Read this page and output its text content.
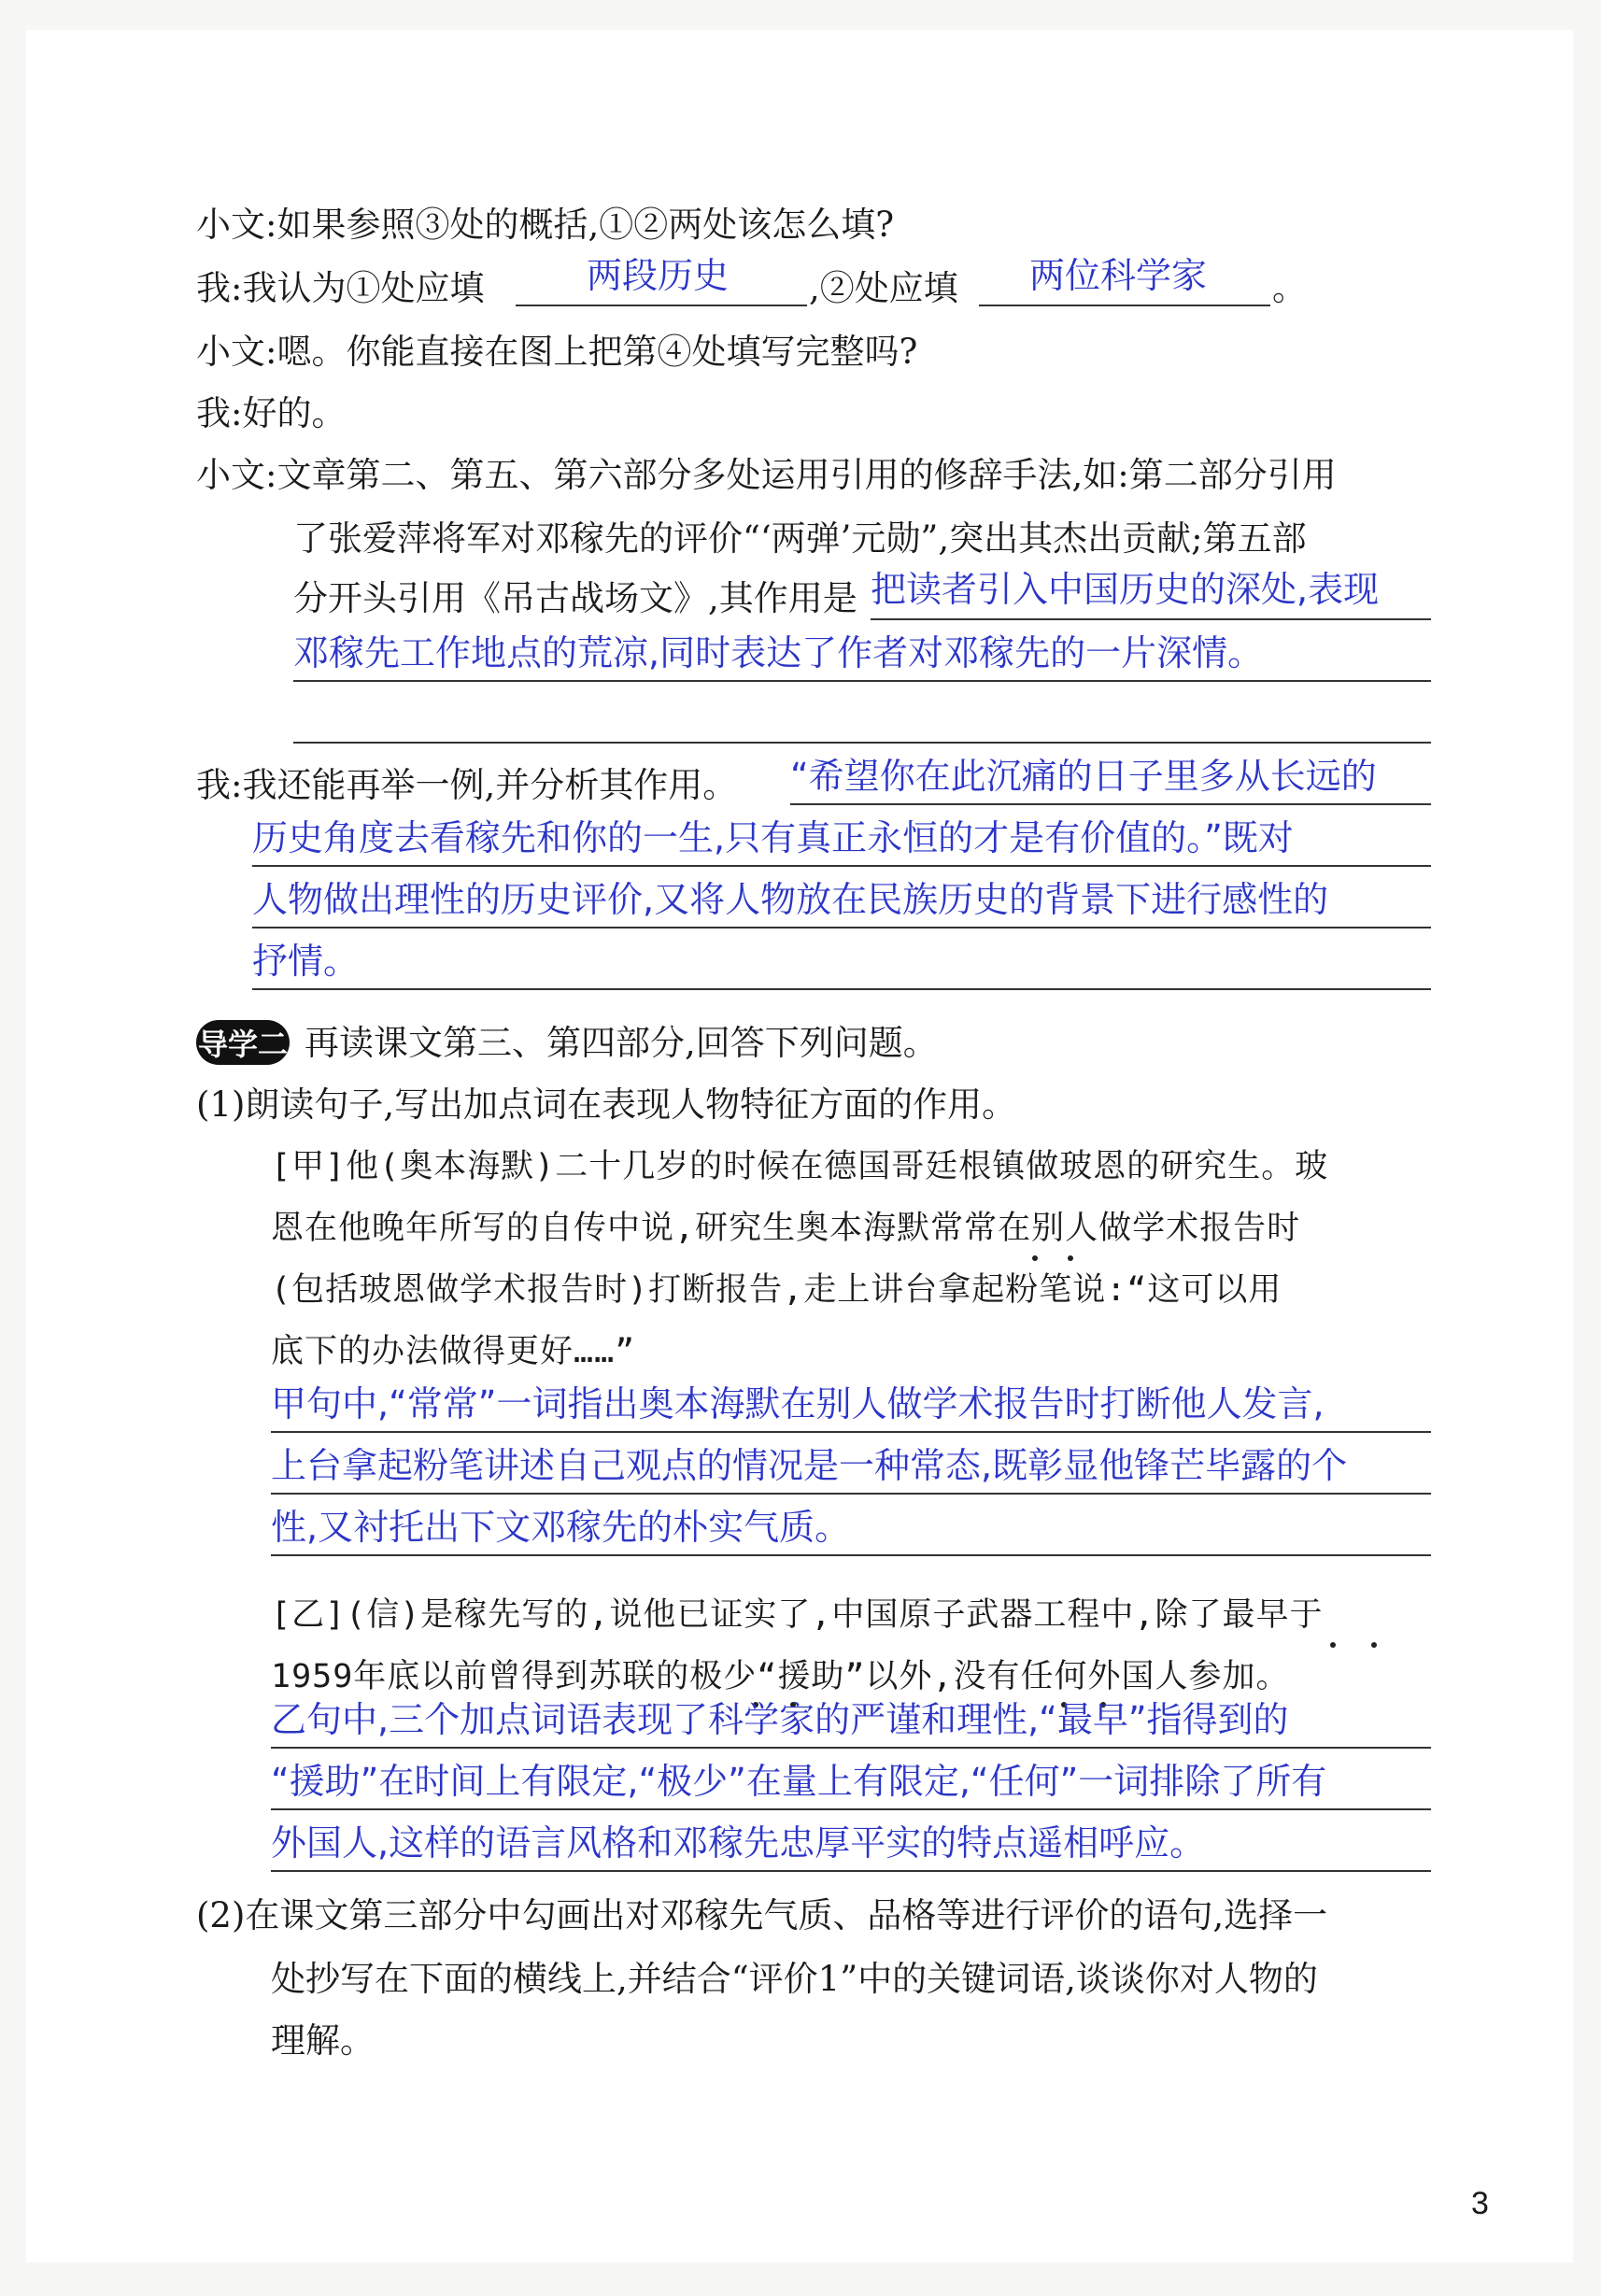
小文:如果参照③处的概括,①②两处该怎么填?
我:我认为①处应填	两段历史 ,②处应填 两位科学家 。
小文:嗯。你能直接在图上把第④处填写完整吗?
我:好的。
小文:文章第二、第五、第六部分多处运用引用的修辞手法,如:第二部分引用
了张爱萍将军对邓稼先的评价“‘两弹’元勋”,突出其杰出贡献;第五部
分开头引用《吊古战场文》,其作用是 把读者引入中国历史的深处,表现
邓稼先工作地点的荒凉,同时表达了作者对邓稼先的一片深情。
我:我还能再举一例,并分析其作用。 “希望你在此沉痛的日子里多从长远的
历史角度去看稼先和你的一生,只有真正永恒的才是有价值的。”既对
人物做出理性的历史评价,又将人物放在民族历史的背景下进行感性的
抒情。
导学二 再读课文第三、第四部分,回答下列问题。
(1)朗读句子,写出加点词在表现人物特征方面的作用。
[甲]他(奥本海默)二十几岁的时候在德国哥廷根镇做玻恩的研究生。玻
恩在他晚年所写的自传中说,研究生奥本海默常常在别人做学术报告时
(包括玻恩做学术报告时)打断报告,走上讲台拿起粉笔说:“这可以用
底下的办法做得更好……”
甲句中,“常常”一词指出奥本海默在别人做学术报告时打断他人发言,
上台拿起粉笔讲述自己观点的情况是一种常态,既彰显他锋芒毕露的个
性,又衬托出下文邓稼先的朴实气质。
[乙](信)是稼先写的,说他已证实了,中国原子武器工程中,除了最早于
1959年底以前曾得到苏联的极少“援助”以外,没有任何外国人参加。
乙句中,三个加点词语表现了科学家的严谨和理性,“最早”指得到的
“援助”在时间上有限定,“极少”在量上有限定,“任何”一词排除了所有
外国人,这样的语言风格和邓稼先忠厚平实的特点遥相呼应。
(2)在课文第三部分中勾画出对邓稼先气质、品格等进行评价的语句,选择一
处抄写在下面的横线上,并结合“评价1”中的关键词语,谈谈你对人物的
理解。
3
